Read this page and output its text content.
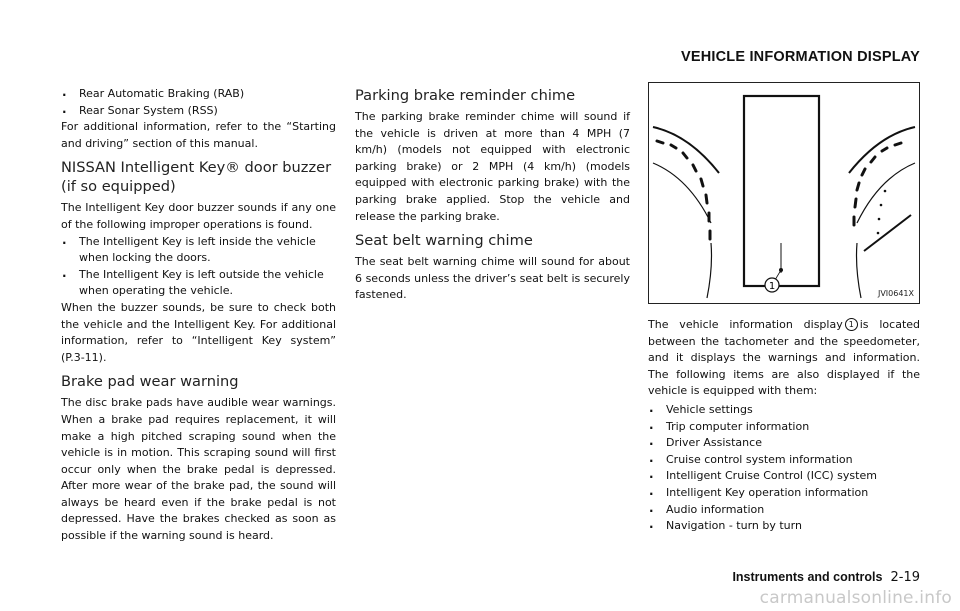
VEHICLE INFORMATION DISPLAY
. Rear Automatic Braking (RAB)
. Rear Sonar System (RSS)

For additional information, refer to the “Starting and driving” section of this manual.

NISSAN Intelligent Key® door buzzer (if so equipped)

The Intelligent Key door buzzer sounds if any one of the following improper operations is found.

. The Intelligent Key is left inside the vehicle when locking the doors.
. The Intelligent Key is left outside the vehicle when operating the vehicle.

When the buzzer sounds, be sure to check both the vehicle and the Intelligent Key. For additional information, refer to “Intelligent Key system” (P.3-11).

Brake pad wear warning

The disc brake pads have audible wear warnings. When a brake pad requires replacement, it will make a high pitched scraping sound when the vehicle is in motion. This scraping sound will first occur only when the brake pedal is depressed. After more wear of the brake pad, the sound will always be heard even if the brake pedal is not depressed. Have the brakes checked as soon as possible if the warning sound is heard.

Parking brake reminder chime

The parking brake reminder chime will sound if the vehicle is driven at more than 4 MPH (7 km/h) (models not equipped with electronic parking brake) or 2 MPH (4 km/h) (models equipped with electronic parking brake) with the parking brake applied. Stop the vehicle and release the parking brake.

Seat belt warning chime

The seat belt warning chime will sound for about 6 seconds unless the driver’s seat belt is securely fastened.

1
JVI0641X

The vehicle information display 1 is located between the tachometer and the speedometer, and it displays the warnings and information. The following items are also displayed if the vehicle is equipped with them:

. Vehicle settings
. Trip computer information
. Driver Assistance
. Cruise control system information
. Intelligent Cruise Control (ICC) system
. Intelligent Key operation information
. Audio information
. Navigation - turn by turn
Instruments and controls 2-19
carmanualsonline.info
